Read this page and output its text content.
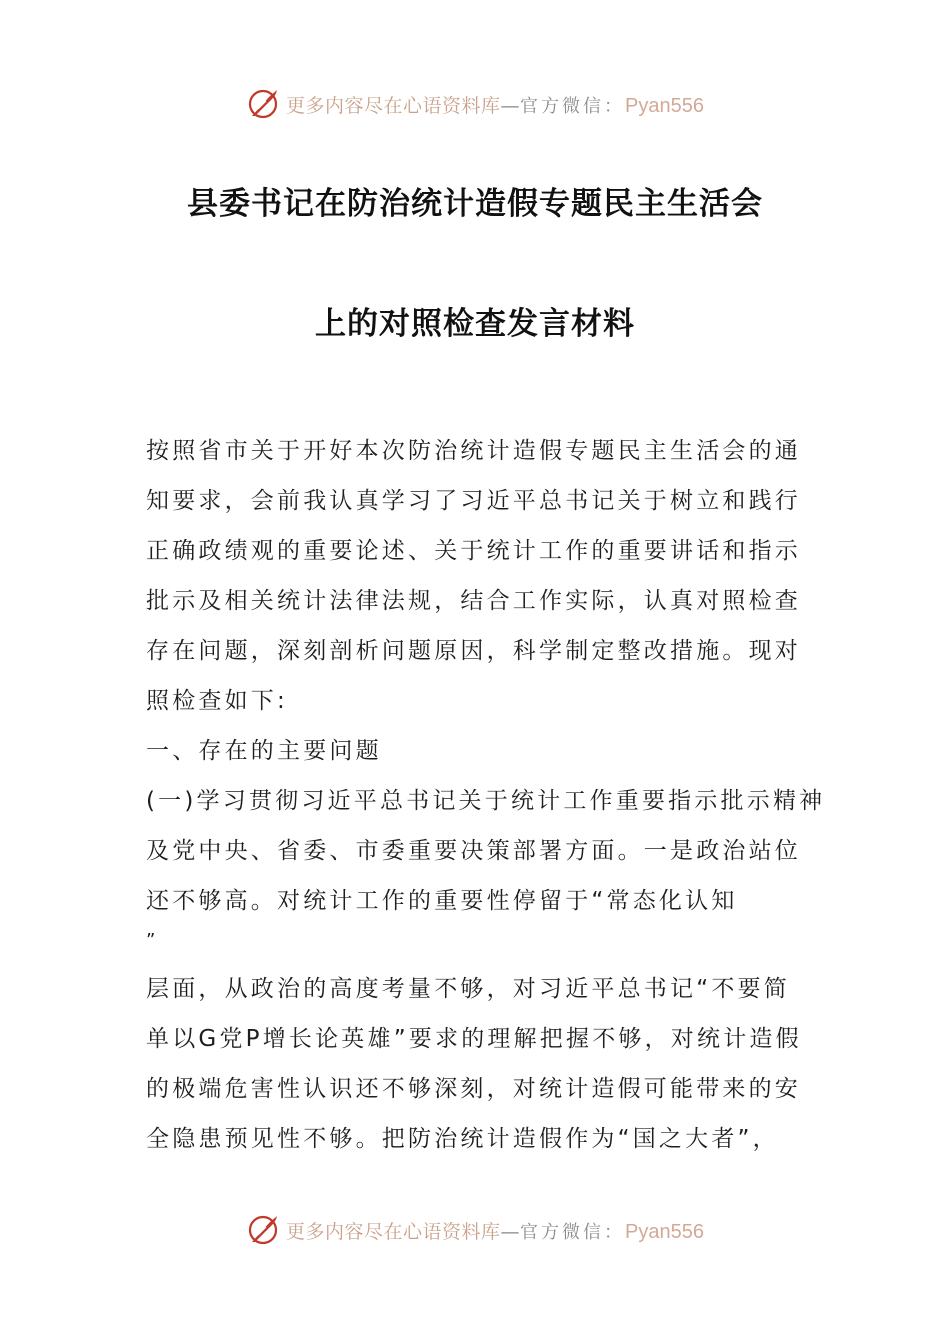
更多内容尽在心语资料库—官方微信：Pyan556
县委书记在防治统计造假专题民主生活会
上的对照检查发言材料
按照省市关于开好本次防治统计造假专题民主生活会的通
知要求，会前我认真学习了习近平总书记关于树立和践行
正确政绩观的重要论述、关于统计工作的重要讲话和指示
批示及相关统计法律法规，结合工作实际，认真对照检查
存在问题，深刻剖析问题原因，科学制定整改措施。现对
照检查如下:
一、存在的主要问题
(一)学习贯彻习近平总书记关于统计工作重要指示批示精神
及党中央、省委、市委重要决策部署方面。一是政治站位
还不够高。对统计工作的重要性停留于“常态化认知
”
层面，从政治的高度考量不够，对习近平总书记“不要简
单以G党P增长论英雄”要求的理解把握不够，对统计造假
的极端危害性认识还不够深刻，对统计造假可能带来的安
全隐患预见性不够。把防治统计造假作为“国之大者”，
更多内容尽在心语资料库—官方微信：Pyan556
